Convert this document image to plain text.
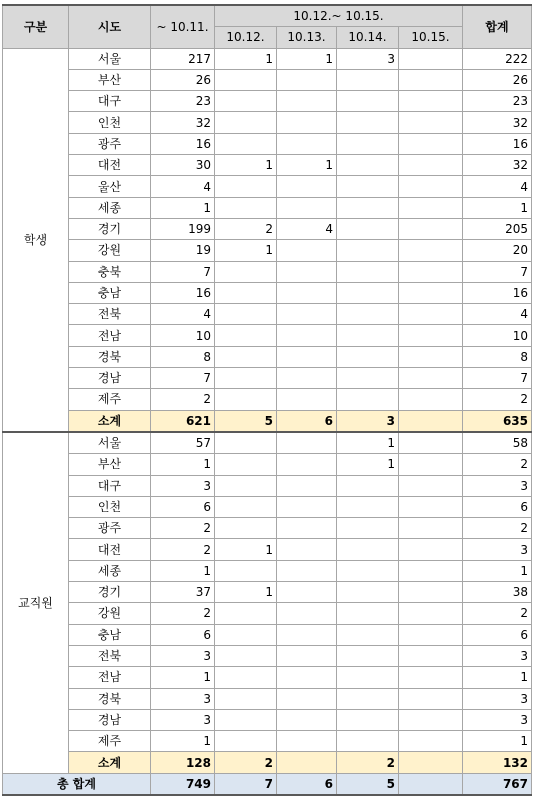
구분	시도	~ 10.11.	10.12.~ 10.15.				합계
			10.12.	10.13.	10.14.	10.15.	
학생	서울	217	1	1	3		222
	부산	26					26
	대구	23					23
	인천	32					32
	광주	16					16
	대전	30	1	1			32
	울산	4					4
	세종	1					1
	경기	199	2	4			205
	강원	19	1				20
	충북	7					7
	충남	16					16
	전북	4					4
	전남	10					10
	경북	8					8
	경남	7					7
	제주	2					2
	소계	621	5	6	3		635
교직원	서울	57			1		58
	부산	1			1		2
	대구	3					3
	인천	6					6
	광주	2					2
	대전	2	1				3
	세종	1					1
	경기	37	1				38
	강원	2					2
	충남	6					6
	전북	3					3
	전남	1					1
	경북	3					3
	경남	3					3
	제주	1					1
	소계	128	2		2		132
총 합계		749	7	6	5		767
